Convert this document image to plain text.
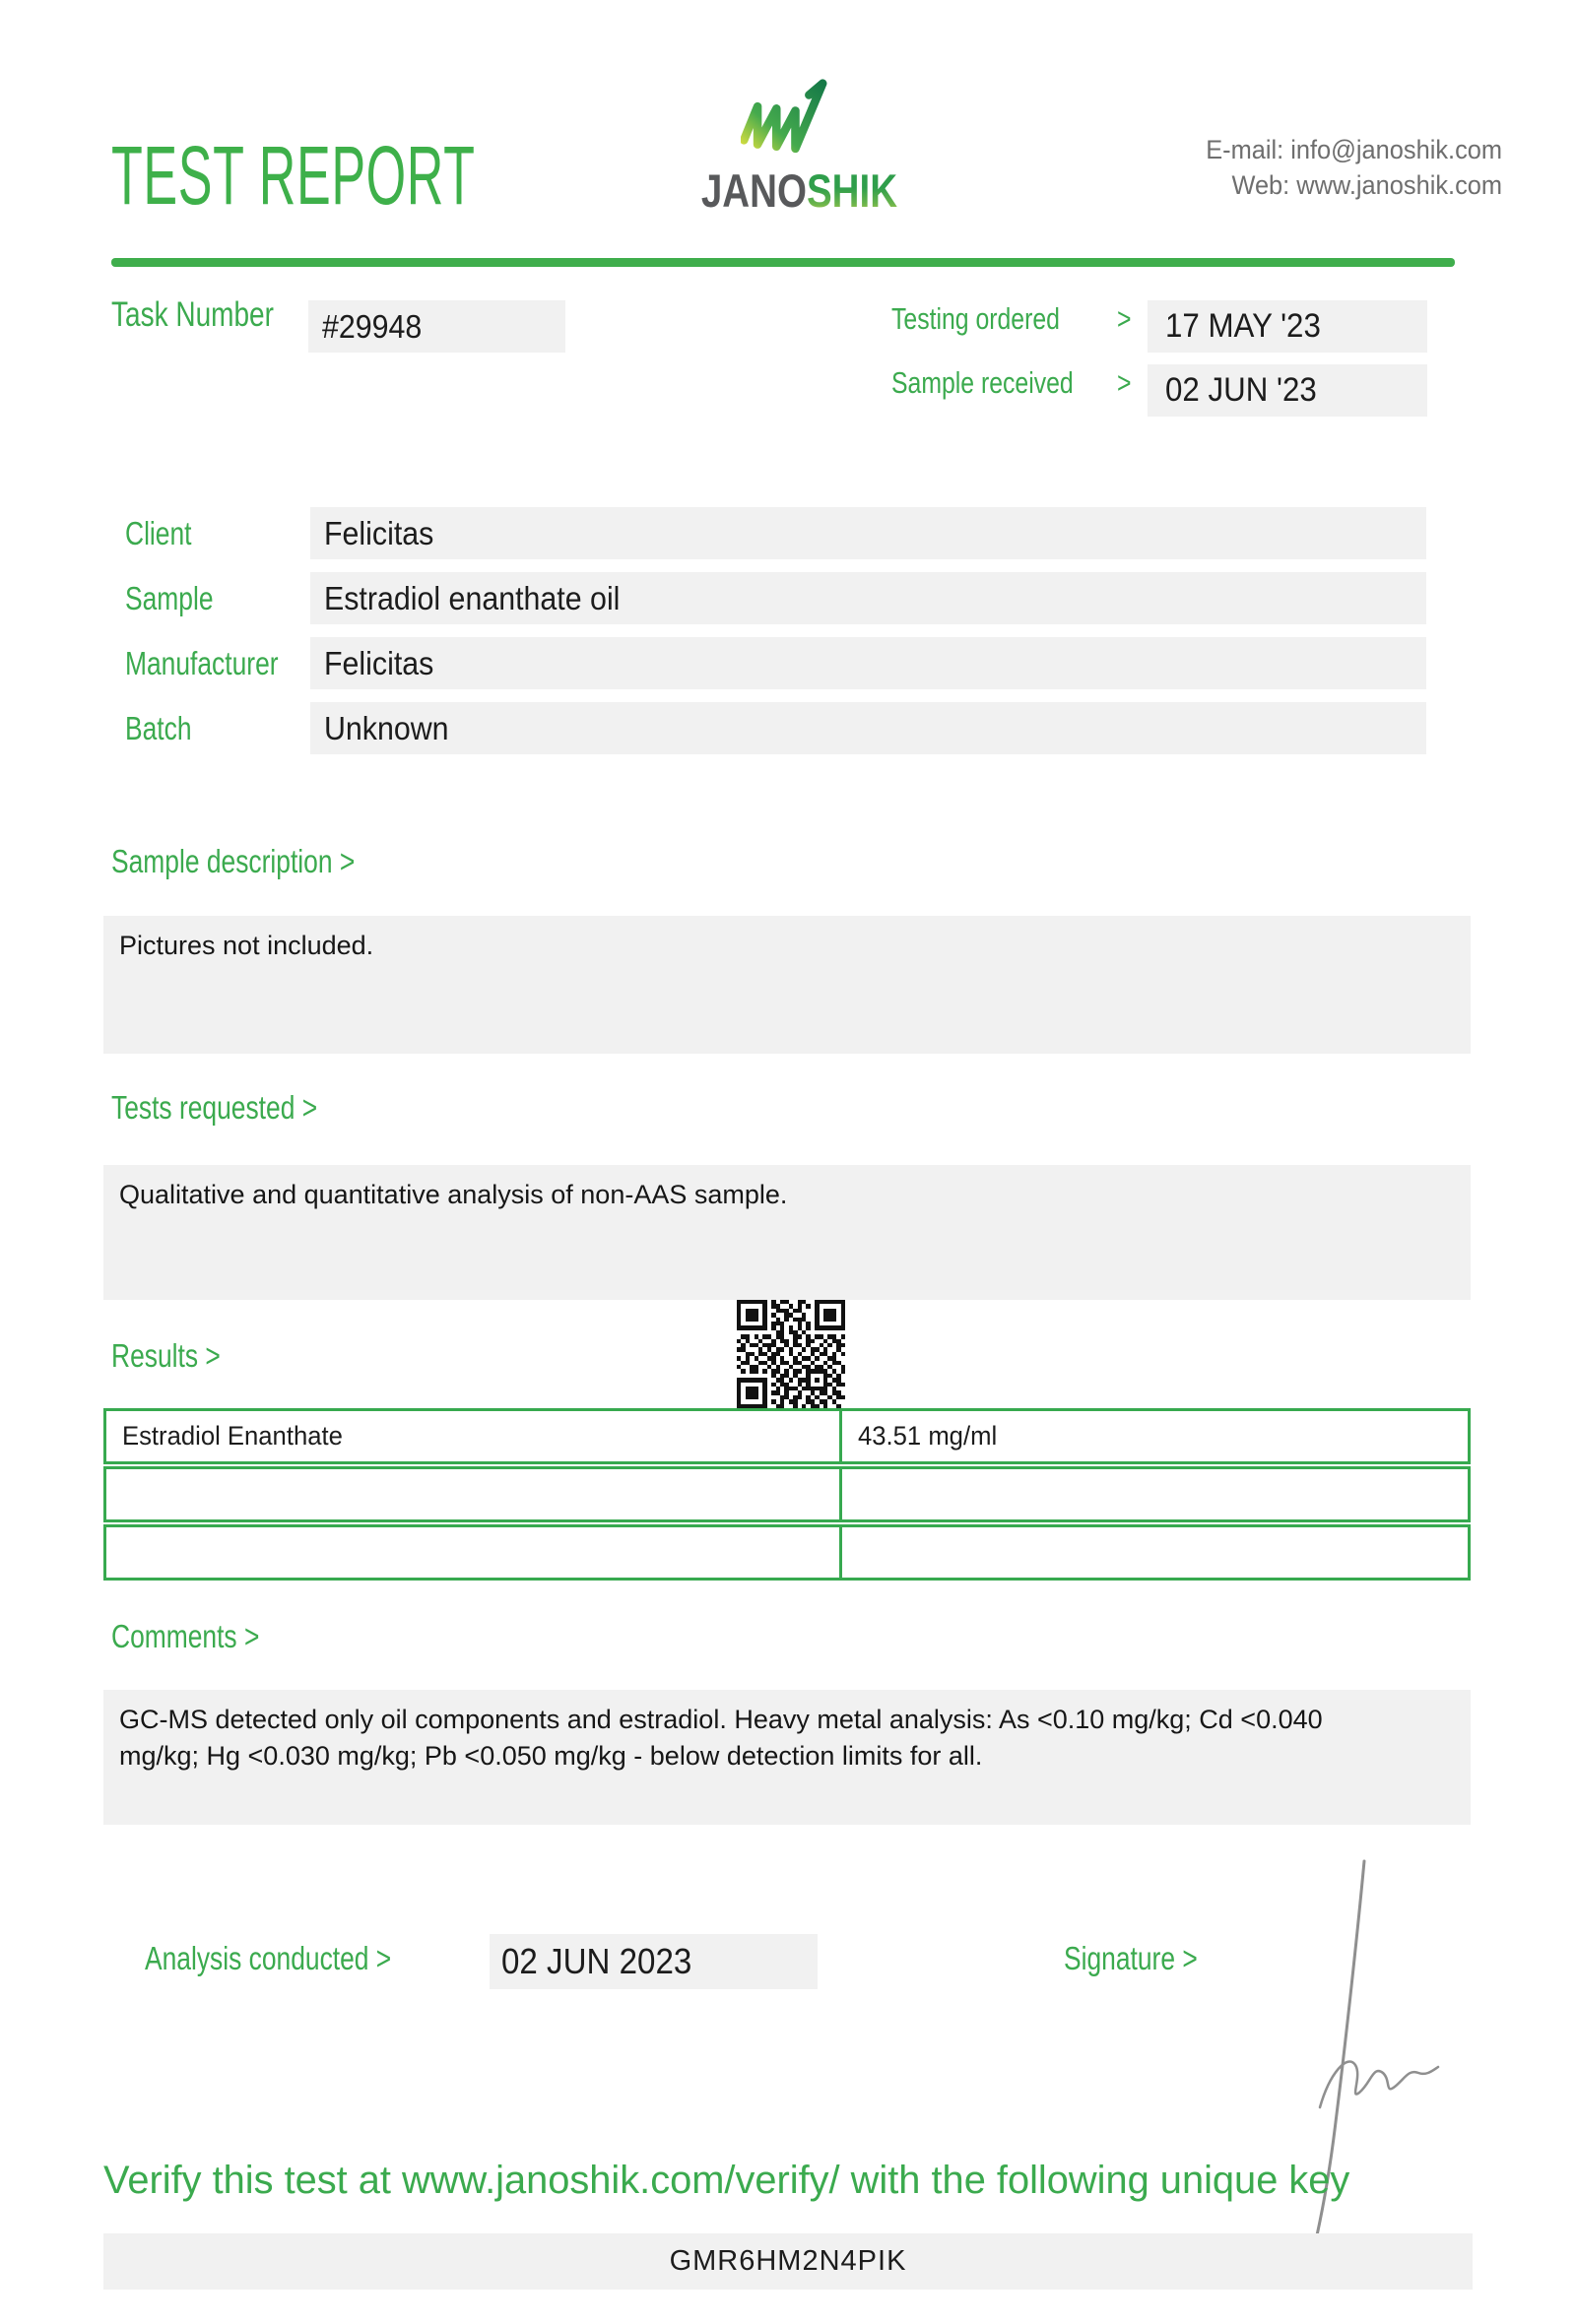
TEST REPORT	JANOSHIK
E-mail: info@janoshik.com
Web: www.janoshik.com
Task Number	#29948	Testing ordered >	17 MAY '23
Sample received >	02 JUN '23
Client	Felicitas
Sample	Estradiol enanthate oil
Manufacturer	Felicitas
Batch	Unknown
Sample description >
Pictures not included.
Tests requested >
Qualitative and quantitative analysis of non-AAS sample.
Results >
Estradiol Enanthate	43.51 mg/ml
Comments >
GC-MS detected only oil components and estradiol. Heavy metal analysis: As <0.10 mg/kg; Cd <0.040 mg/kg; Hg <0.030 mg/kg; Pb <0.050 mg/kg - below detection limits for all.
Analysis conducted >	02 JUN 2023	Signature >
Verify this test at www.janoshik.com/verify/ with the following unique key
GMR6HM2N4PIK
